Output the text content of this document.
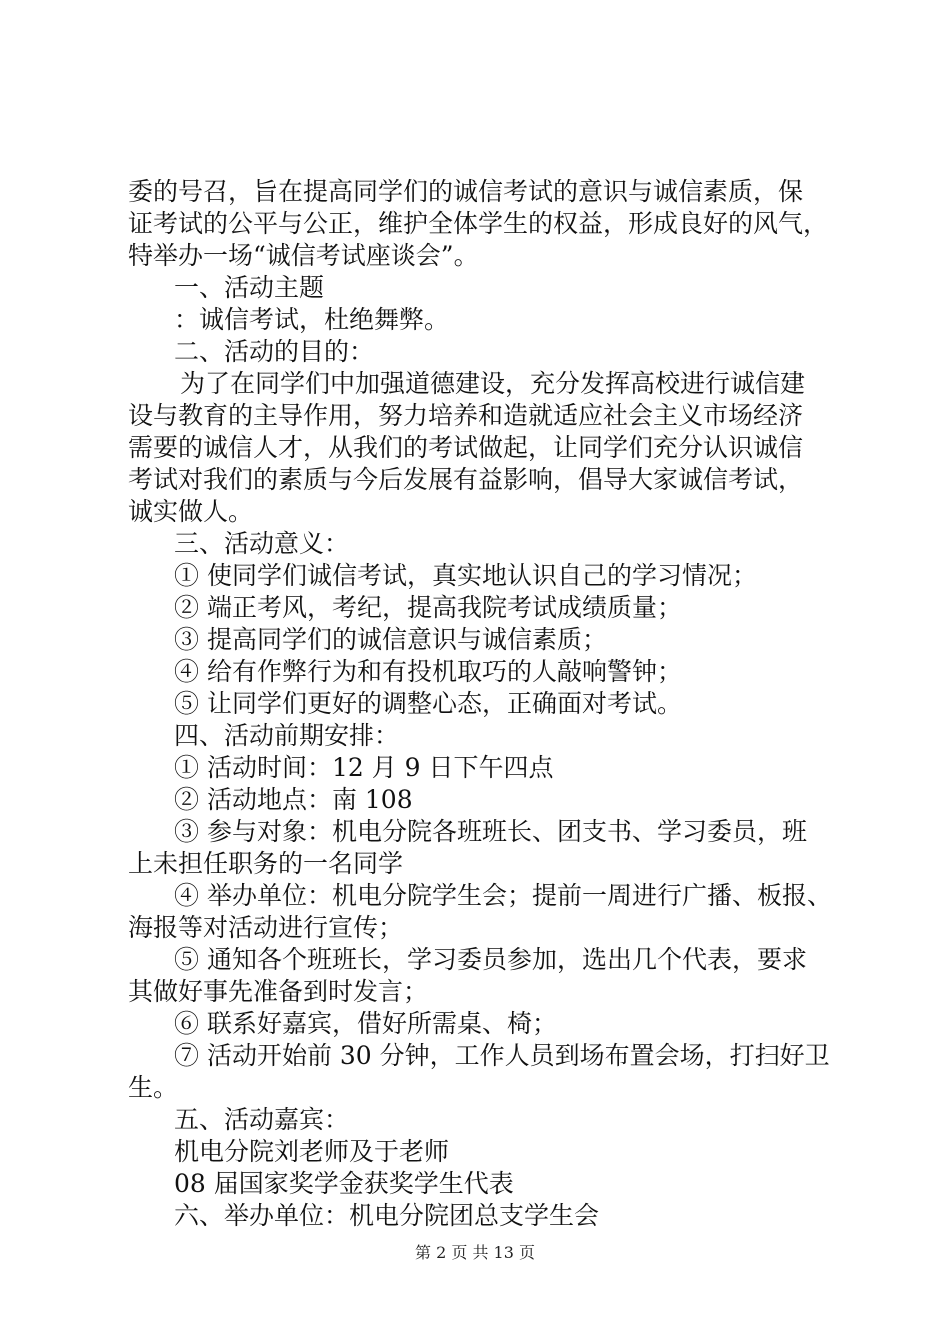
委的号召，旨在提高同学们的诚信考试的意识与诚信素质，保
证考试的公平与公正，维护全体学生的权益，形成良好的风气，
特举办一场“诚信考试座谈会”。
一、活动主题
：诚信考试，杜绝舞弊。
二、活动的目的：
为了在同学们中加强道德建设，充分发挥高校进行诚信建
设与教育的主导作用，努力培养和造就适应社会主义市场经济
需要的诚信人才，从我们的考试做起，让同学们充分认识诚信
考试对我们的素质与今后发展有益影响，倡导大家诚信考试，
诚实做人。
三、活动意义：
① 使同学们诚信考试，真实地认识自己的学习情况；
② 端正考风，考纪，提高我院考试成绩质量；
③ 提高同学们的诚信意识与诚信素质；
④ 给有作弊行为和有投机取巧的人敲响警钟；
⑤ 让同学们更好的调整心态，正确面对考试。
四、活动前期安排：
① 活动时间：12 月 9 日下午四点
② 活动地点：南 108
③ 参与对象：机电分院各班班长、团支书、学习委员，班
上未担任职务的一名同学
④ 举办单位：机电分院学生会；提前一周进行广播、板报、
海报等对活动进行宣传；
⑤ 通知各个班班长，学习委员参加，选出几个代表，要求
其做好事先准备到时发言；
⑥ 联系好嘉宾，借好所需桌、椅；
⑦ 活动开始前 30 分钟，工作人员到场布置会场，打扫好卫
生。
五、活动嘉宾：
机电分院刘老师及于老师
08 届国家奖学金获奖学生代表
六、举办单位：机电分院团总支学生会
第 2 页 共 13 页
